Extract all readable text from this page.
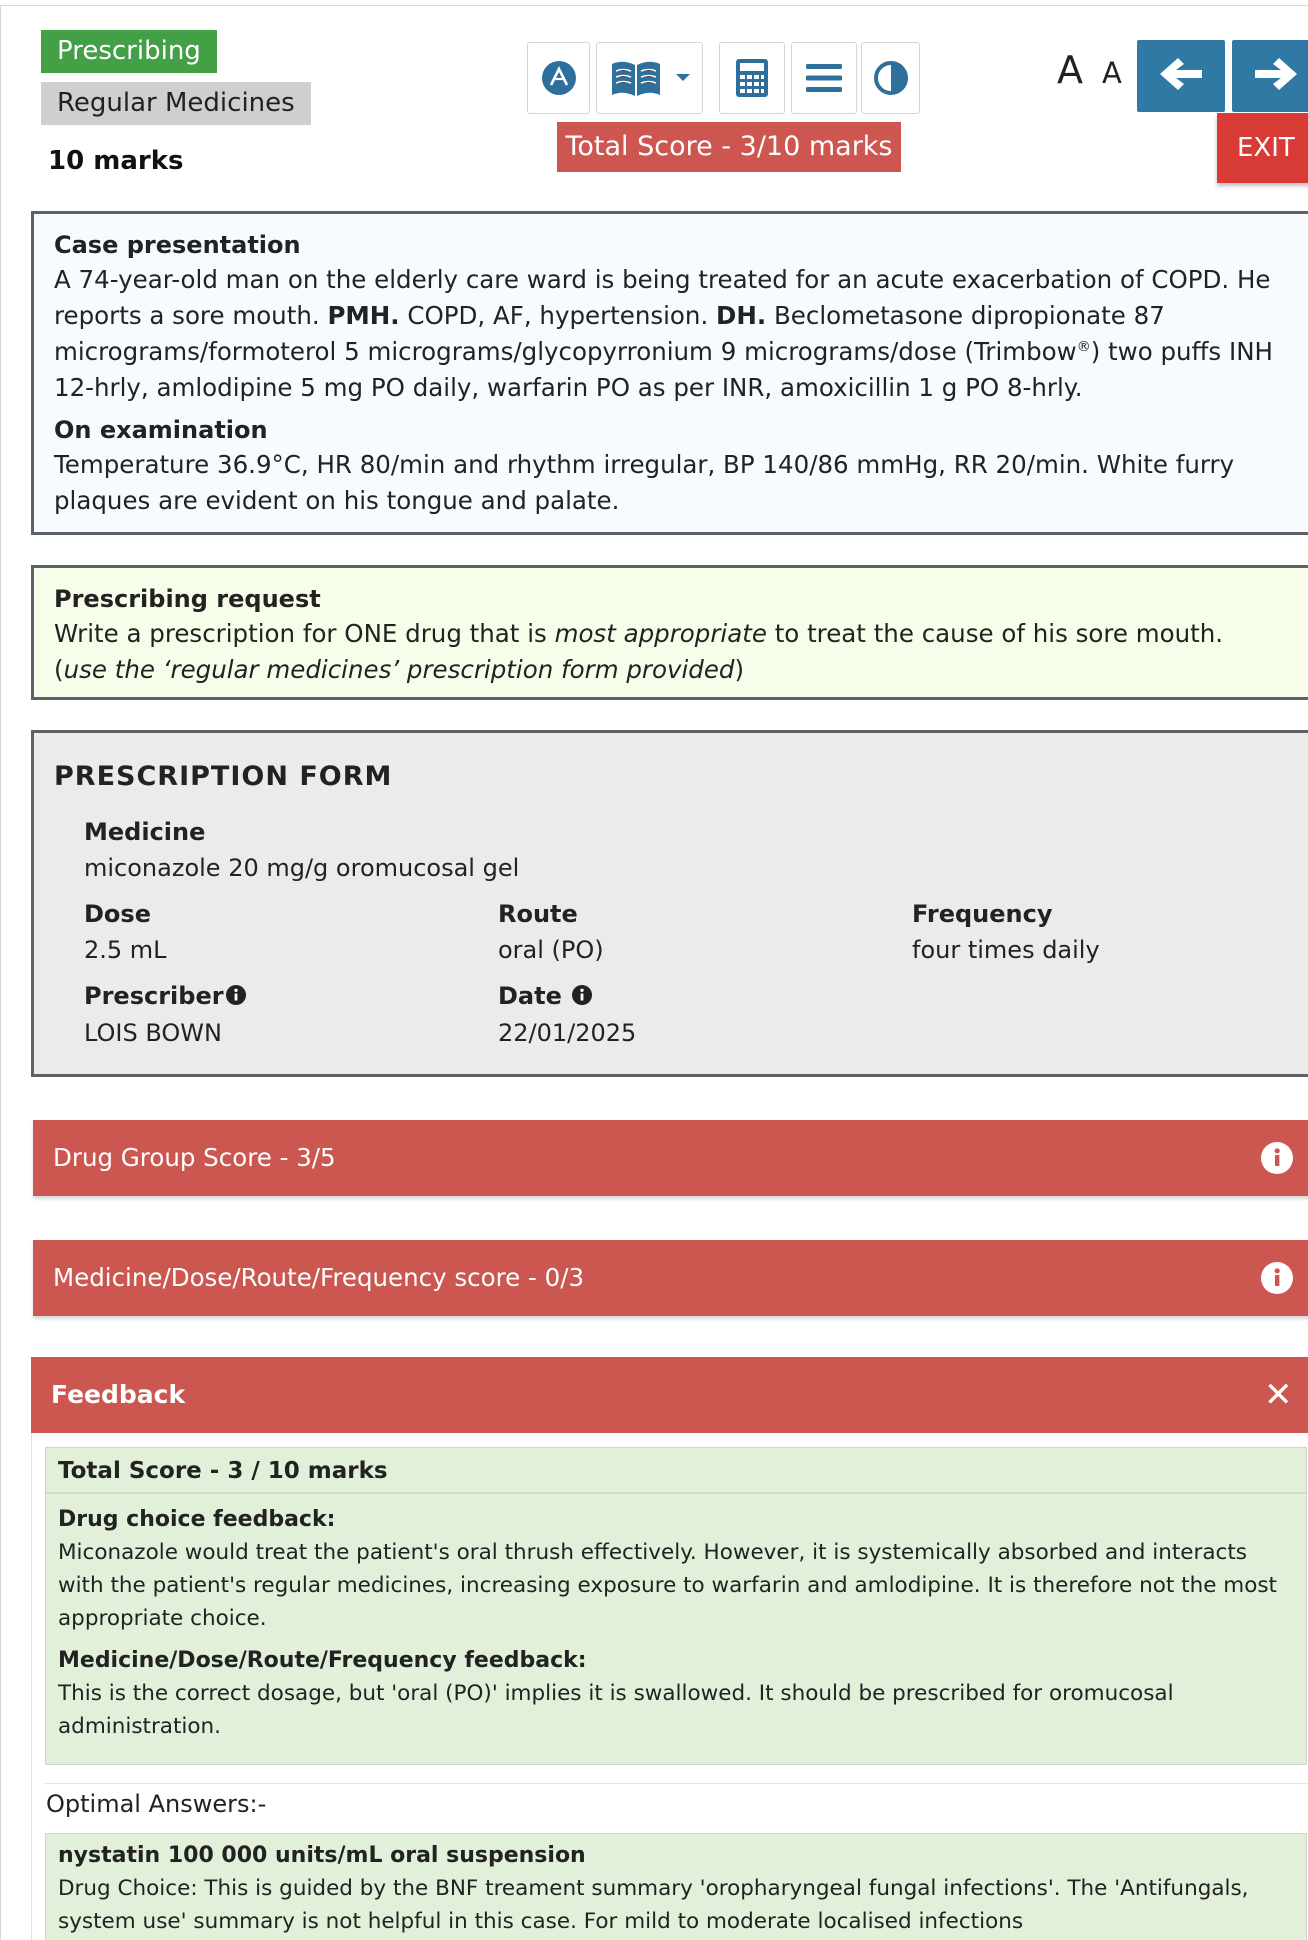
Prescribing
Regular Medicines
10 marks	Total Score - 3/10 marks
A A
EXIT
Case presentation

A 74-year-old man on the elderly care ward is being treated for an acute exacerbation of COPD. He reports a sore mouth. PMH. COPD, AF, hypertension. DH. Beclometasone dipropionate 87 micrograms/formoterol 5 micrograms/glycopyrronium 9 micrograms/dose (Trimbow®) two puffs INH 12-hrly, amlodipine 5 mg PO daily, warfarin PO as per INR, amoxicillin 1 g PO 8-hrly.

On examination

Temperature 36.9°C, HR 80/min and rhythm irregular, BP 140/86 mmHg, RR 20/min. White furry plaques are evident on his tongue and palate.

Prescribing request

Write a prescription for ONE drug that is most appropriate to treat the cause of his sore mouth.

(use the ‘regular medicines’ prescription form provided)

PRESCRIPTION FORM
Medicine
miconazole 20 mg/g oromucosal gel
Dose
2.5 mL
Route
oral (PO)
Frequency
four times daily
Prescriber
LOIS BOWN
Date
22/01/2025
Drug Group Score - 3/5
Medicine/Dose/Route/Frequency score - 0/3
Feedback	✕
Total Score - 3 / 10 marks
Drug choice feedback:
Miconazole would treat the patient's oral thrush effectively. However, it is systemically absorbed and interacts with the patient's regular medicines, increasing exposure to warfarin and amlodipine. It is therefore not the most appropriate choice.
Medicine/Dose/Route/Frequency feedback:
This is the correct dosage, but 'oral (PO)' implies it is swallowed. It should be prescribed for oromucosal administration.
Optimal Answers:-
nystatin 100 000 units/mL oral suspension
Drug Choice: This is guided by the BNF treament summary 'oropharyngeal fungal infections'. The 'Antifungals, system use' summary is not helpful in this case. For mild to moderate localised infections
